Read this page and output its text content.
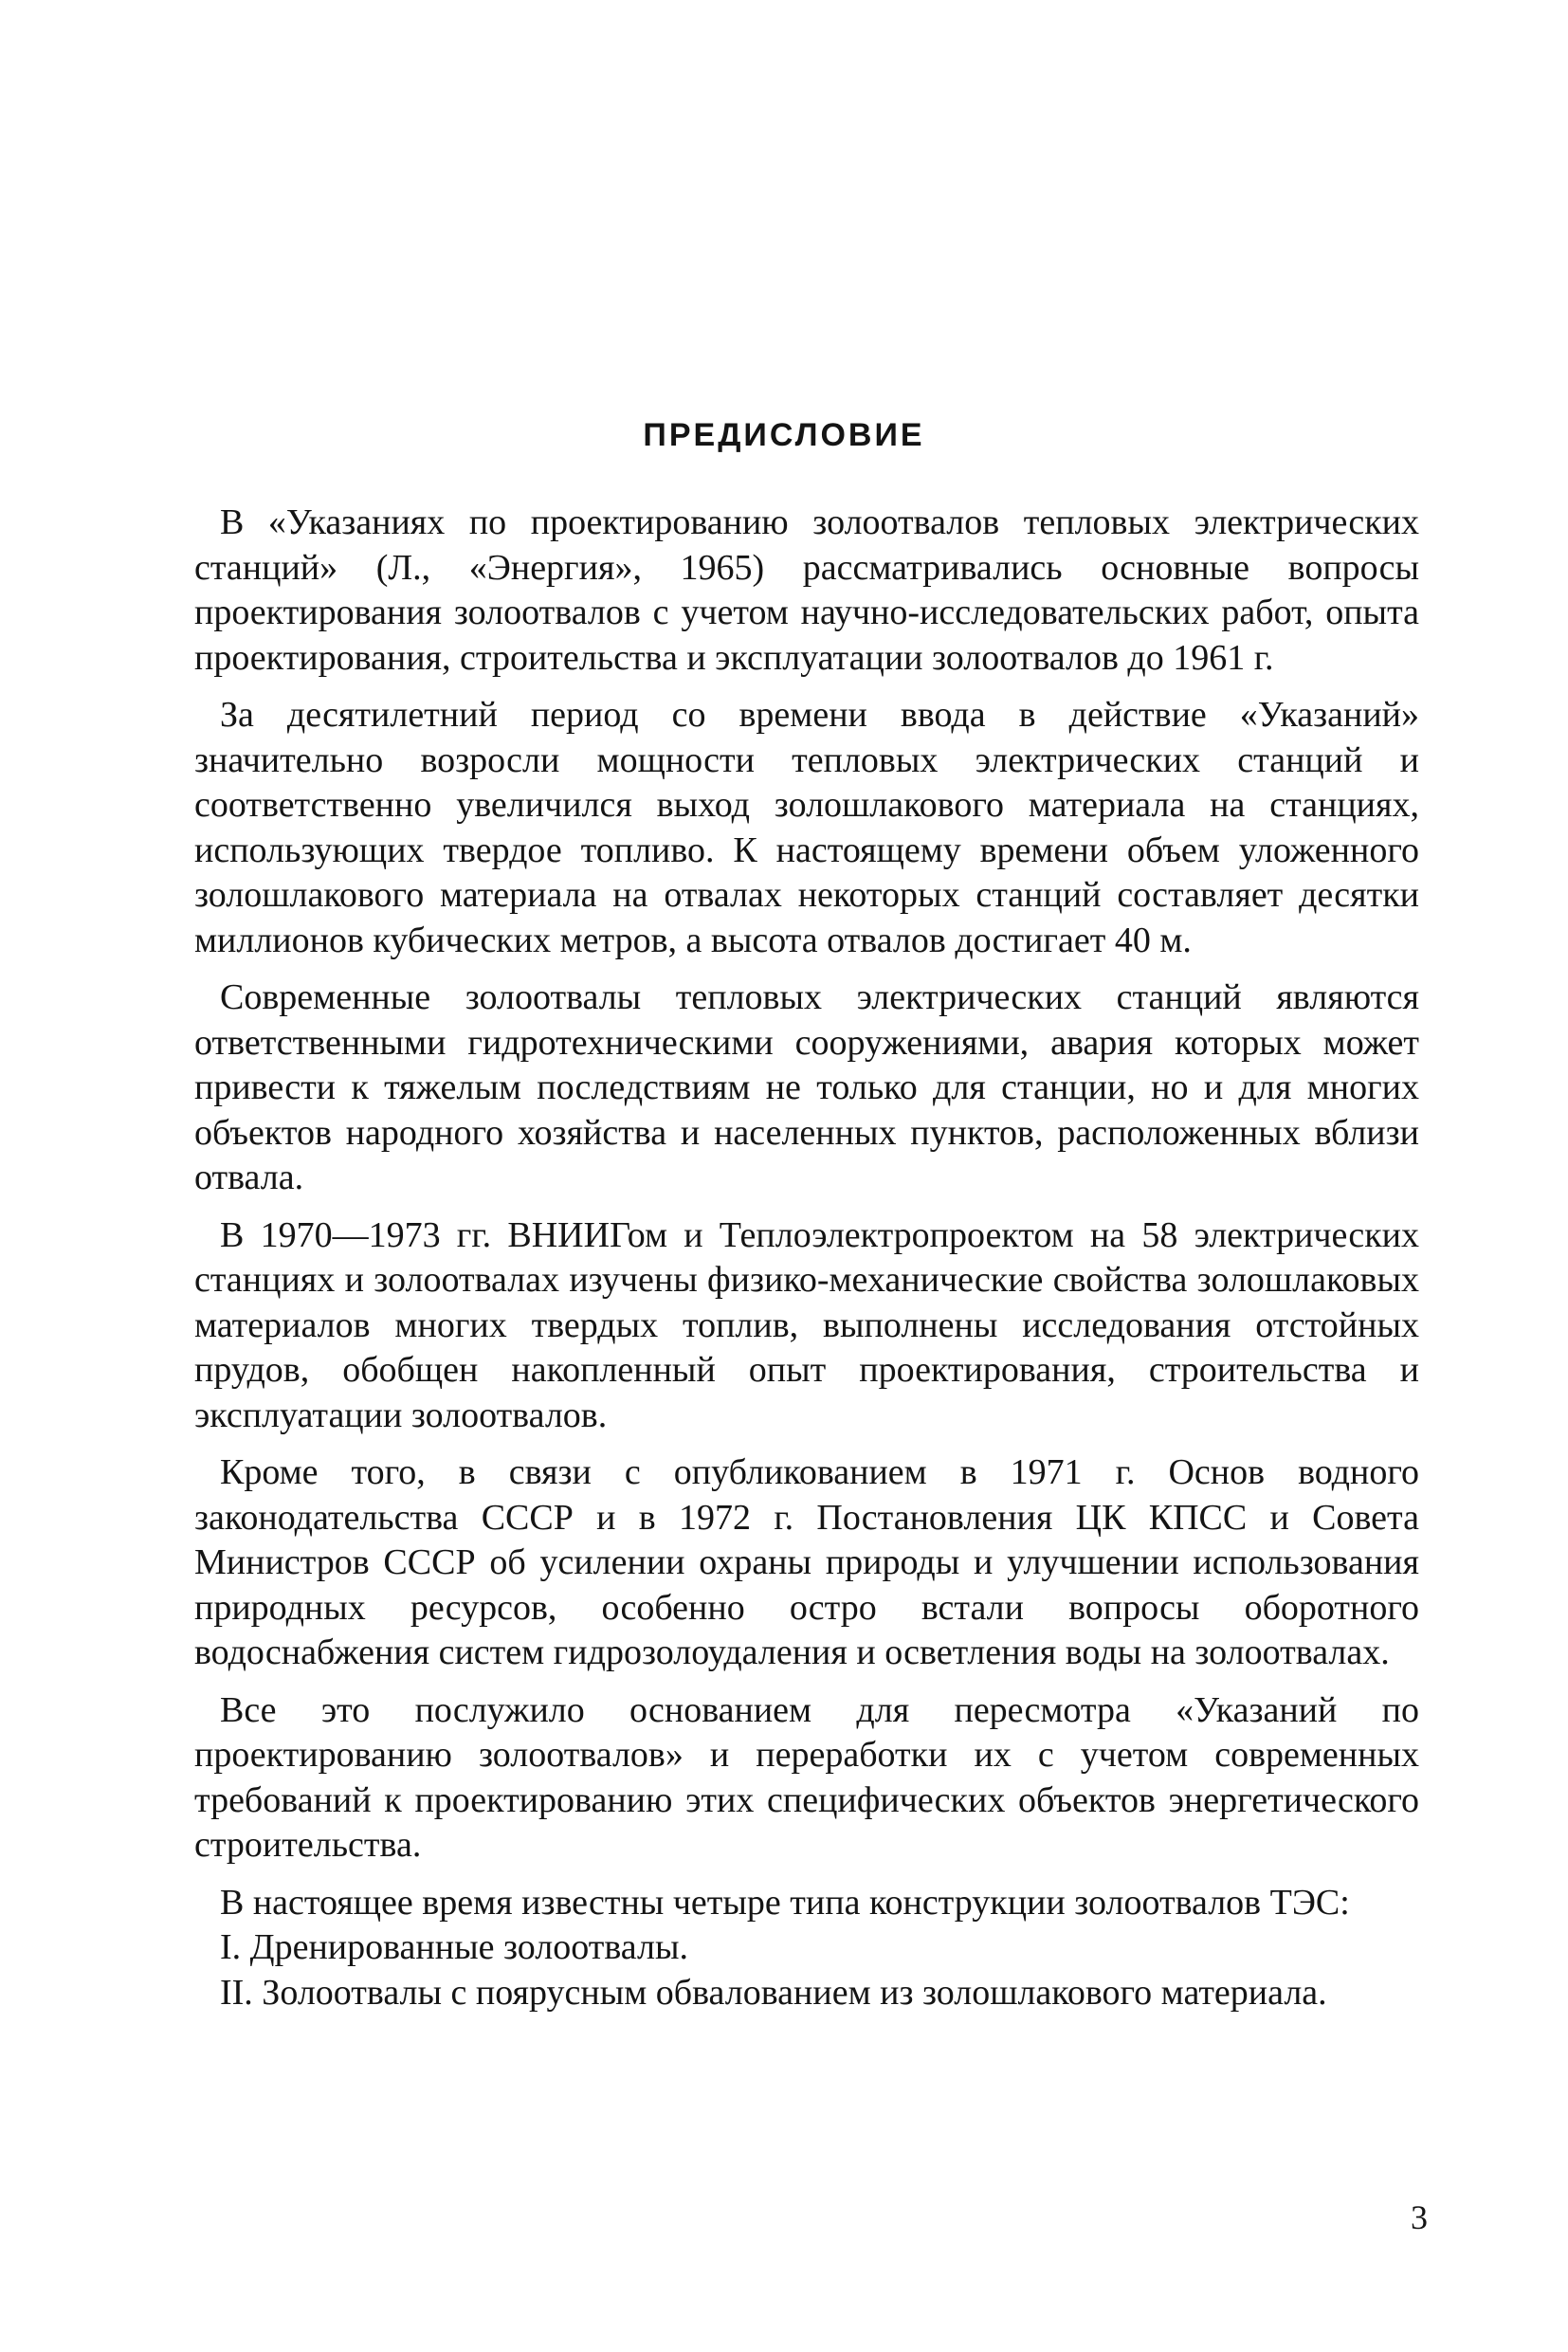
ПРЕДИСЛОВИЕ

В «Указаниях по проектированию золоотвалов тепловых электрических станций» (Л., «Энергия», 1965) рассматривались основные вопросы проектирования золоотвалов с учетом научно-исследовательских работ, опыта проектирования, строительства и эксплуатации золоотвалов до 1961 г.

За десятилетний период со времени ввода в действие «Указаний» значительно возросли мощности тепловых электрических станций и соответственно увеличился выход золошлакового материала на станциях, использующих твердое топливо. К настоящему времени объем уложенного золошлакового материала на отвалах некоторых станций составляет десятки миллионов кубических метров, а высота отвалов достигает 40 м.

Современные золоотвалы тепловых электрических станций являются ответственными гидротехническими сооружениями, авария которых может привести к тяжелым последствиям не только для станции, но и для многих объектов народного хозяйства и населенных пунктов, расположенных вблизи отвала.

В 1970—1973 гг. ВНИИГом и Теплоэлектропроектом на 58 электрических станциях и золоотвалах изучены физико-механические свойства золошлаковых материалов многих твердых топлив, выполнены исследования отстойных прудов, обобщен накопленный опыт проектирования, строительства и эксплуатации золоотвалов.

Кроме того, в связи с опубликованием в 1971 г. Основ водного законодательства СССР и в 1972 г. Постановления ЦК КПСС и Совета Министров СССР об усилении охраны природы и улучшении использования природных ресурсов, особенно остро встали вопросы оборотного водоснабжения систем гидрозолоудаления и осветления воды на золоотвалах.

Все это послужило основанием для пересмотра «Указаний по проектированию золоотвалов» и переработки их с учетом современных требований к проектированию этих специфических объектов энергетического строительства.

В настоящее время известны четыре типа конструкции золоотвалов ТЭС:

I. Дренированные золоотвалы.

II. Золоотвалы с поярусным обвалованием из золошлакового материала.

3
